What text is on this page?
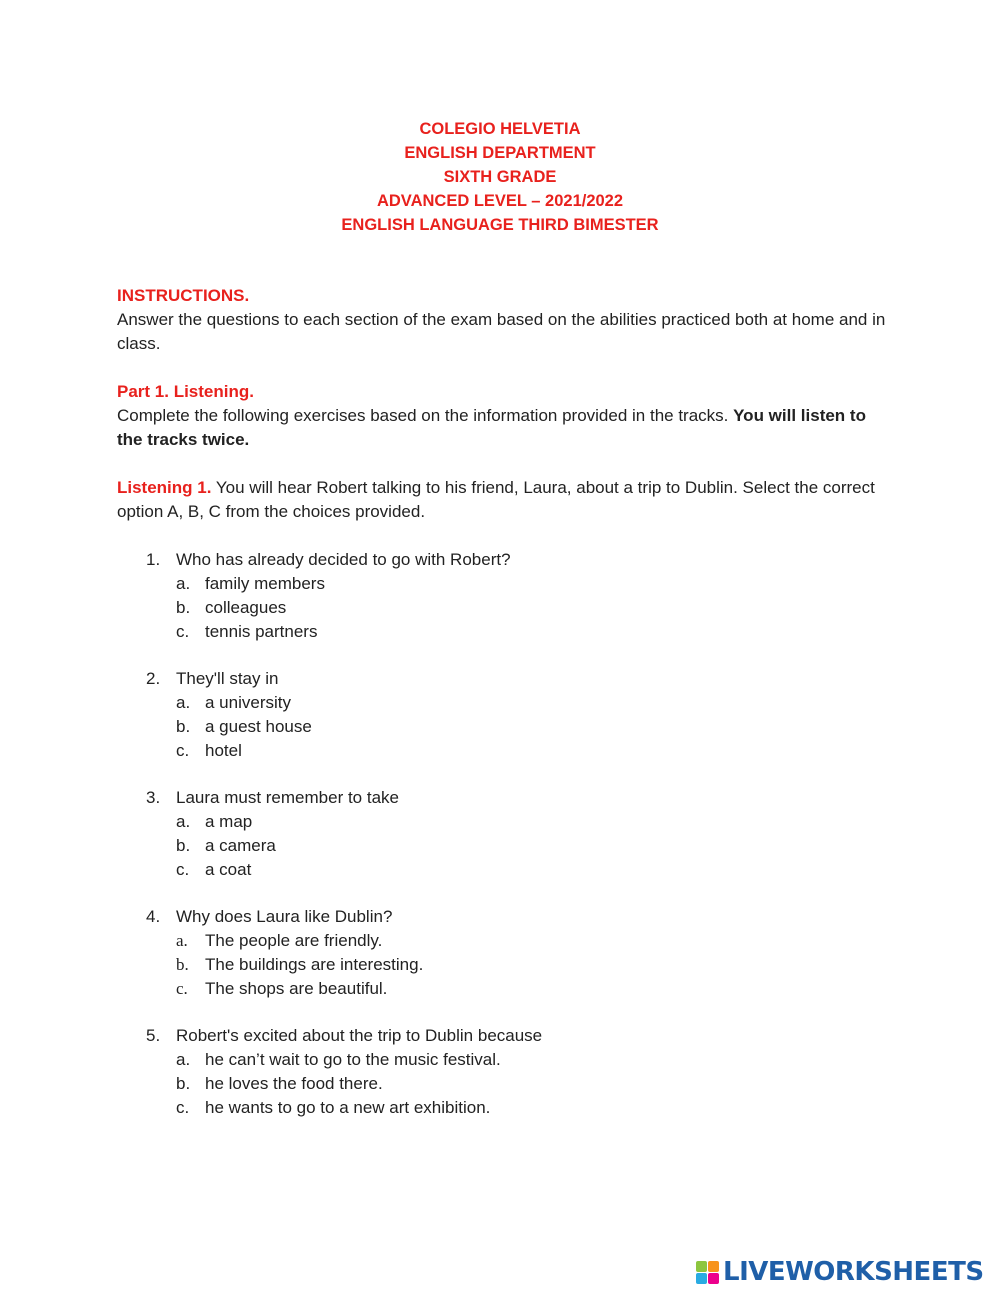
COLEGIO HELVETIA
ENGLISH DEPARTMENT
SIXTH GRADE
ADVANCED LEVEL – 2021/2022
ENGLISH LANGUAGE THIRD BIMESTER
INSTRUCTIONS.

Answer the questions to each section of the exam based on the abilities practiced both at home and in class.

Part 1. Listening.

Complete the following exercises based on the information provided in the tracks. You will listen to the tracks twice.

Listening 1. You will hear Robert talking to his friend, Laura, about a trip to Dublin. Select the correct option A, B, C from the choices provided.

1. Who has already decided to go with Robert?
a. family members
b. colleagues
c. tennis partners
2. They'll stay in
a. a university
b. a guest house
c. hotel
3. Laura must remember to take
a. a map
b. a camera
c. a coat
4. Why does Laura like Dublin?
a. The people are friendly.
b. The buildings are interesting.
c. The shops are beautiful.
5. Robert's excited about the trip to Dublin because
a. he can’t wait to go to the music festival.
b. he loves the food there.
c. he wants to go to a new art exhibition.
LIVEWORKSHEETS
